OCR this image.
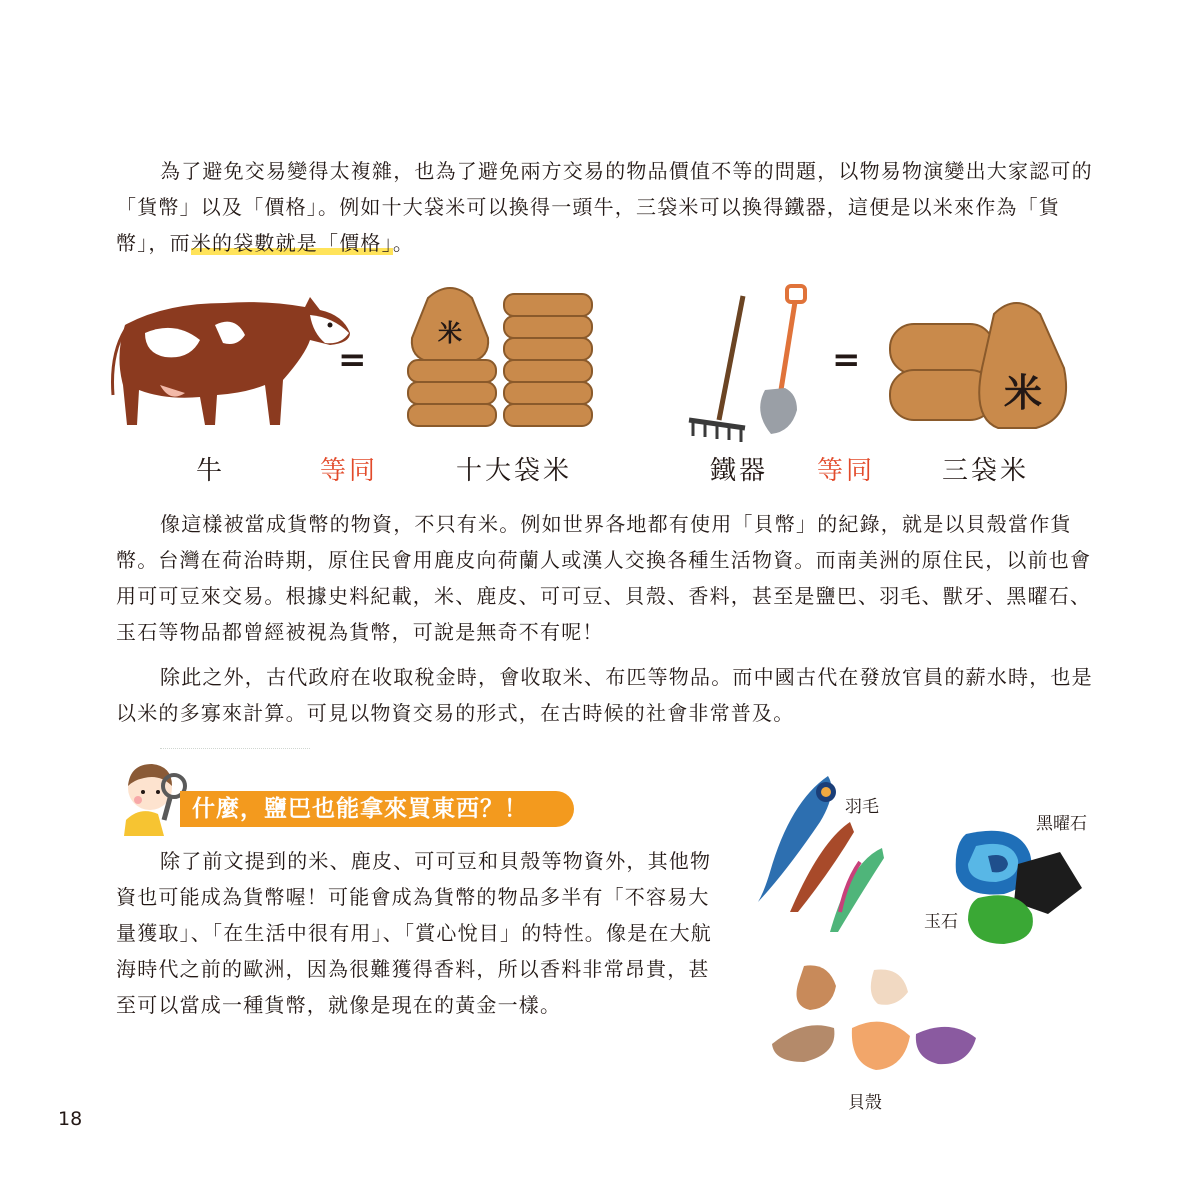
為了避免交易變得太複雜，也為了避免兩方交易的物品價值不等的問題，以物易物演變出大家認可的「貨幣」以及「價格」。例如十大袋米可以換得一頭牛，三袋米可以換得鐵器，這便是以米來作為「貨幣」，而米的袋數就是「價格」。

=
米
牛	等同	十大袋米
=
米
鐵器 等同	三袋米

像這樣被當成貨幣的物資，不只有米。例如世界各地都有使用「貝幣」的紀錄，就是以貝殼當作貨幣。台灣在荷治時期，原住民會用鹿皮向荷蘭人或漢人交換各種生活物資。而南美洲的原住民，以前也會用可可豆來交易。根據史料紀載，米、鹿皮、可可豆、貝殼、香料，甚至是鹽巴、羽毛、獸牙、黑曜石、玉石等物品都曾經被視為貨幣，可說是無奇不有呢！

除此之外，古代政府在收取稅金時，會收取米、布匹等物品。而中國古代在發放官員的薪水時，也是以米的多寡來計算。可見以物資交易的形式，在古時候的社會非常普及。

什麼，鹽巴也能拿來買東西？！

除了前文提到的米、鹿皮、可可豆和貝殼等物資外，其他物資也可能成為貨幣喔！可能會成為貨幣的物品多半有「不容易大量獲取」、「在生活中很有用」、「賞心悅目」的特性。像是在大航海時代之前的歐洲，因為很難獲得香料，所以香料非常昂貴，甚至可以當成一種貨幣，就像是現在的黃金一樣。

羽毛
黑曜石
玉石
貝殼
18
